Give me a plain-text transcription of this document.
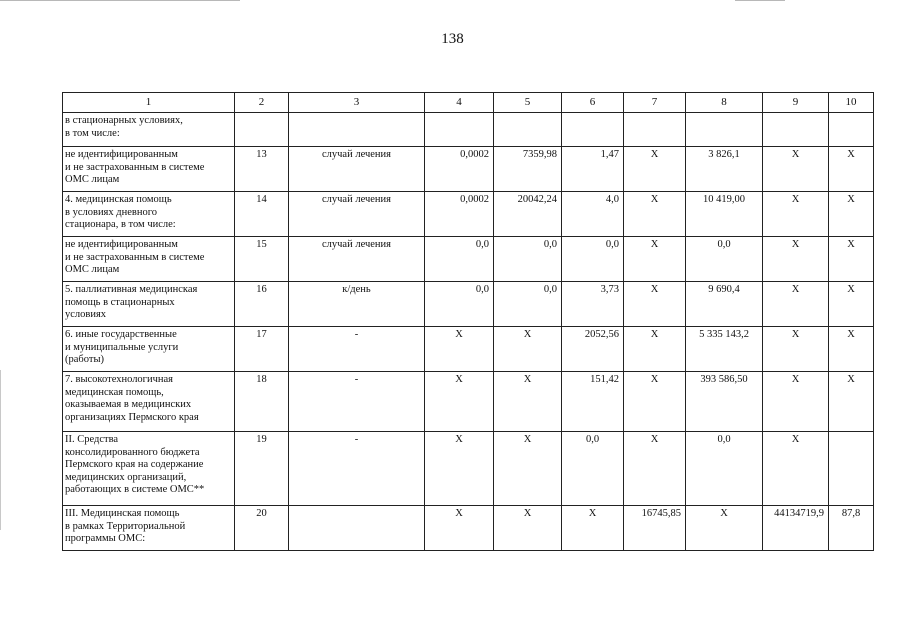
138
1	2	3	4	5	6	7	8	9	10
в стационарных условиях,
в том числе:									
не идентифицированным
и не застрахованным в системе
ОМС лицам	13	случай лечения	0,0002	7359,98	1,47	X	3 826,1	X	X
4. медицинская помощь
в условиях дневного
стационара, в том числе:	14	случай лечения	0,0002	20042,24	4,0	X	10 419,00	X	X
не идентифицированным
и не застрахованным в системе
ОМС лицам	15	случай лечения	0,0	0,0	0,0	X	0,0	X	X
5. паллиативная медицинская
помощь в стационарных
условиях	16	к/день	0,0	0,0	3,73	X	9 690,4	X	X
6. иные государственные
и муниципальные услуги
(работы)	17	-	X	X	2052,56	X	5 335 143,2	X	X
7. высокотехнологичная
медицинская помощь,
оказываемая в медицинских
организациях Пермского края	18	-	X	X	151,42	X	393 586,50	X	X
II. Средства
консолидированного бюджета
Пермского края на содержание
медицинских организаций,
работающих в системе ОМС**	19	-	X	X	0,0	X	0,0	X	
III. Медицинская помощь
в рамках Территориальной
программы ОМС:	20		X	X	X	16745,85	X	44134719,9	87,8
